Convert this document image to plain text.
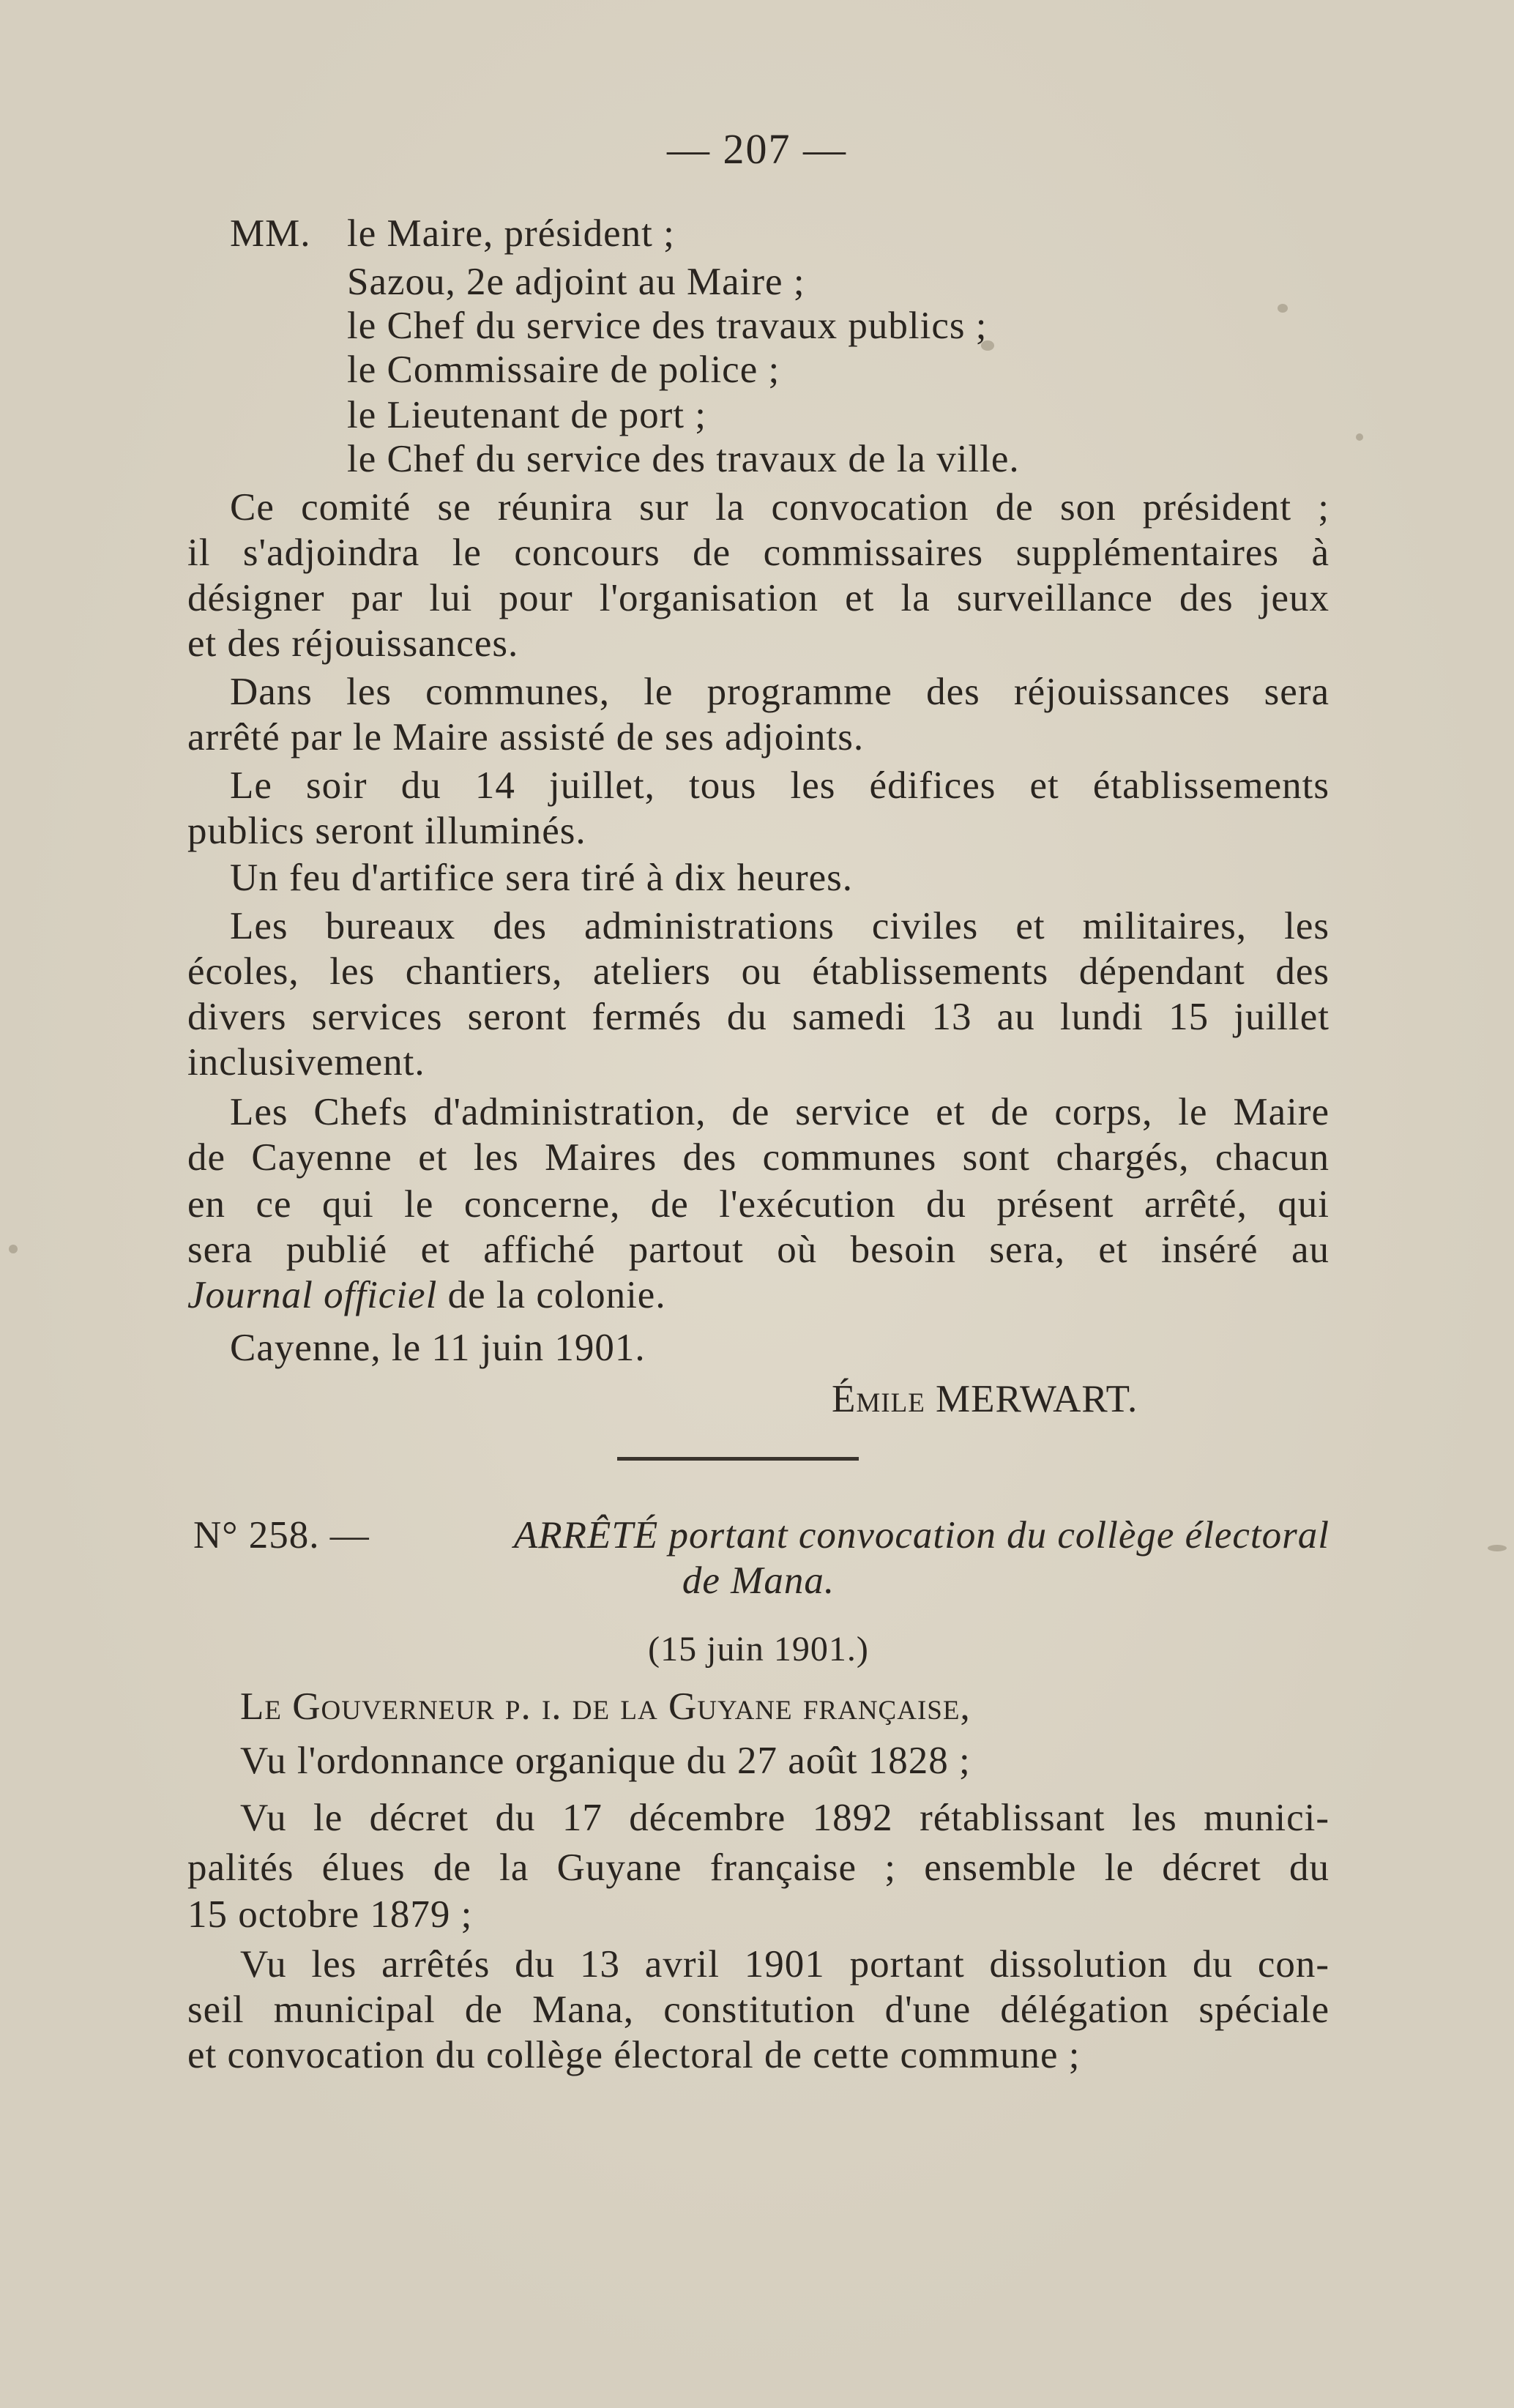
— 207 —
MM. le Maire, président ;
Sazou, 2e adjoint au Maire ;
le Chef du service des travaux publics ;
le Commissaire de police ;
le Lieutenant de port ;
le Chef du service des travaux de la ville.
Ce comité se réunira sur la convocation de son président ;
il s'adjoindra le concours de commissaires supplémentaires à
désigner par lui pour l'organisation et la surveillance des jeux
et des réjouissances.
Dans les communes, le programme des réjouissances sera
arrêté par le Maire assisté de ses adjoints.
Le soir du 14 juillet, tous les édifices et établissements
publics seront illuminés.
Un feu d'artifice sera tiré à dix heures.
Les bureaux des administrations civiles et militaires, les
écoles, les chantiers, ateliers ou établissements dépendant des
divers services seront fermés du samedi 13 au lundi 15 juillet
inclusivement.
Les Chefs d'administration, de service et de corps, le Maire
de Cayenne et les Maires des communes sont chargés, chacun
en ce qui le concerne, de l'exécution du présent arrêté, qui
sera publié et affiché partout où besoin sera, et inséré au
Journal officiel de la colonie.
Cayenne, le 11 juin 1901.
Émile MERWART.
N° 258. —	ARRÊTÉ portant convocation du collège électoral
de Mana.
(15 juin 1901.)
Le Gouverneur p. i. de la Guyane française,
Vu l'ordonnance organique du 27 août 1828 ;
Vu le décret du 17 décembre 1892 rétablissant les munici-
palités élues de la Guyane française ; ensemble le décret du
15 octobre 1879 ;
Vu les arrêtés du 13 avril 1901 portant dissolution du con-
seil municipal de Mana, constitution d'une délégation spéciale
et convocation du collège électoral de cette commune ;
